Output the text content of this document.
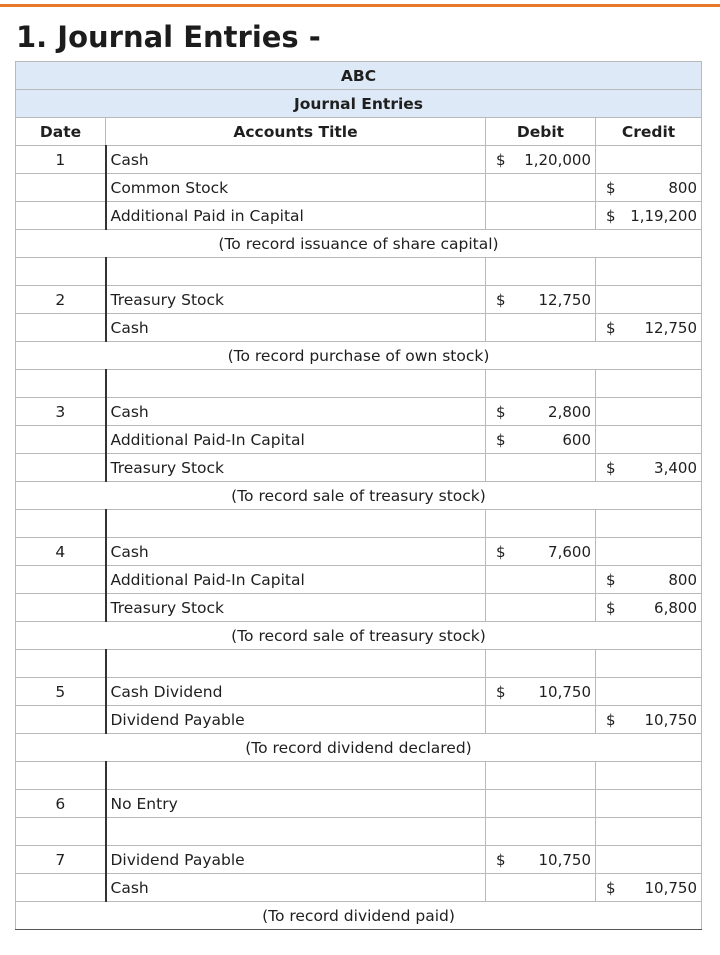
1. Journal Entries -
ABC			
Journal Entries			
Date	Accounts Title	Debit	Credit
1	Cash	$ 1,20,000	

	Common Stock		$ 800

	Additional Paid in Capital		$ 1,19,200

(To record issuance of share capital)			

2	Treasury Stock	$ 12,750	

	Cash		$ 12,750

(To record purchase of own stock)			

3	Cash	$ 2,800	

	Additional Paid-In Capital	$ 600	

	Treasury Stock		$ 3,400

(To record sale of treasury stock)			

4	Cash	$ 7,600	

	Additional Paid-In Capital		$ 800

	Treasury Stock		$ 6,800

(To record sale of treasury stock)			

5	Cash Dividend	$ 10,750	

	Dividend Payable		$ 10,750

(To record dividend declared)			

6	No Entry		

7	Dividend Payable	$ 10,750	

	Cash		$ 10,750

(To record dividend paid)			
